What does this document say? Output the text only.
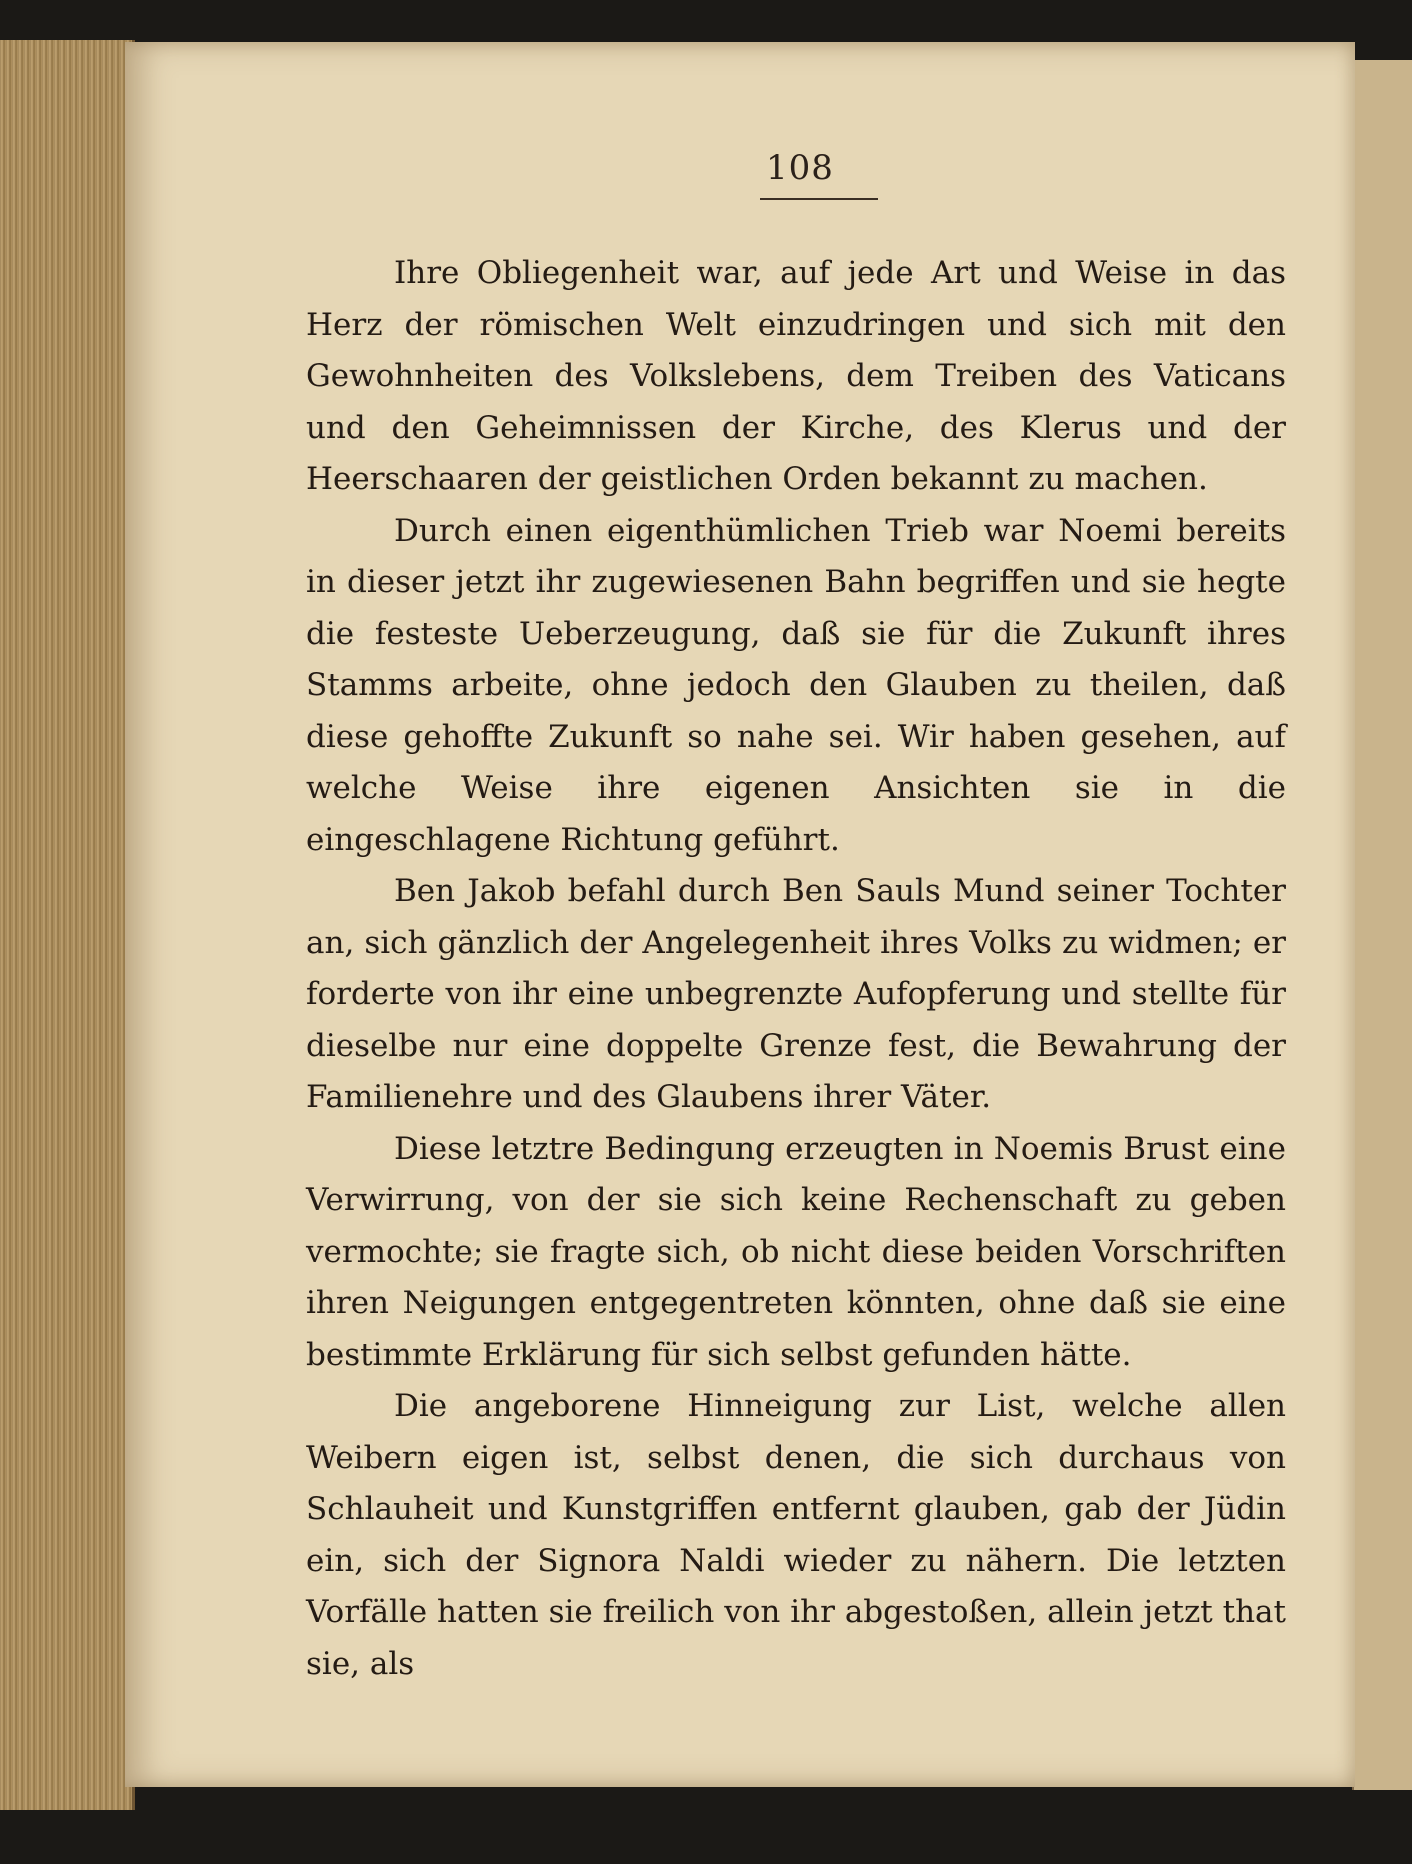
108

Ihre Obliegenheit war, auf jede Art und Weise in das Herz der römischen Welt einzudringen und sich mit den Gewohnheiten des Volkslebens, dem Treiben des Vaticans und den Geheimnissen der Kirche, des Klerus und der Heerschaaren der geistlichen Orden bekannt zu machen.

Durch einen eigenthümlichen Trieb war Noemi bereits in dieser jetzt ihr zugewiesenen Bahn begriffen und sie hegte die festeste Ueberzeugung, daß sie für die Zukunft ihres Stamms arbeite, ohne jedoch den Glauben zu theilen, daß diese gehoffte Zukunft so nahe sei. Wir haben gesehen, auf welche Weise ihre eigenen Ansichten sie in die eingeschlagene Richtung geführt.

Ben Jakob befahl durch Ben Sauls Mund seiner Tochter an, sich gänzlich der Angelegenheit ihres Volks zu widmen; er forderte von ihr eine unbegrenzte Aufopferung und stellte für dieselbe nur eine doppelte Grenze fest, die Bewahrung der Familienehre und des Glaubens ihrer Väter.

Diese letztre Bedingung erzeugten in Noemis Brust eine Verwirrung, von der sie sich keine Rechenschaft zu geben vermochte; sie fragte sich, ob nicht diese beiden Vorschriften ihren Neigungen entgegentreten könnten, ohne daß sie eine bestimmte Erklärung für sich selbst gefunden hätte.

Die angeborene Hinneigung zur List, welche allen Weibern eigen ist, selbst denen, die sich durchaus von Schlauheit und Kunstgriffen entfernt glauben, gab der Jüdin ein, sich der Signora Naldi wieder zu nähern. Die letzten Vorfälle hatten sie freilich von ihr abgestoßen, allein jetzt that sie, als
